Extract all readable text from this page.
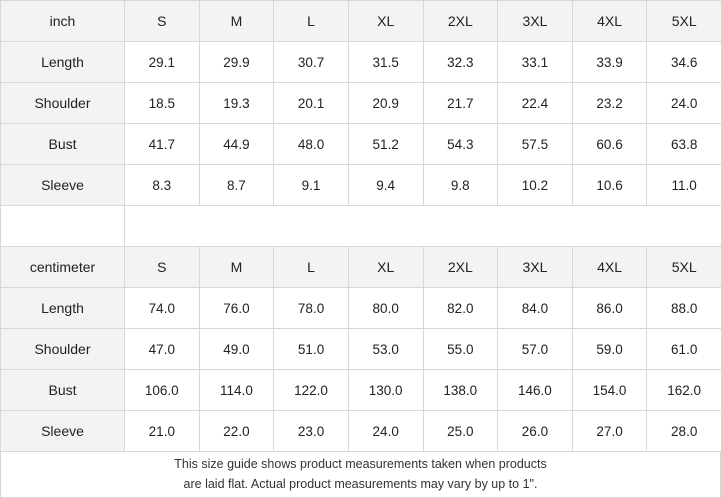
inch	S	M	L	XL	2XL	3XL	4XL	5XL
Length	29.1	29.9	30.7	31.5	32.3	33.1	33.9	34.6
Shoulder	18.5	19.3	20.1	20.9	21.7	22.4	23.2	24.0
Bust	41.7	44.9	48.0	51.2	54.3	57.5	60.6	63.8
Sleeve	8.3	8.7	9.1	9.4	9.8	10.2	10.6	11.0

centimeter	S	M	L	XL	2XL	3XL	4XL	5XL
Length	74.0	76.0	78.0	80.0	82.0	84.0	86.0	88.0
Shoulder	47.0	49.0	51.0	53.0	55.0	57.0	59.0	61.0
Bust	106.0	114.0	122.0	130.0	138.0	146.0	154.0	162.0
Sleeve	21.0	22.0	23.0	24.0	25.0	26.0	27.0	28.0
This size guide shows product measurements taken when products
are laid flat. Actual product measurements may vary by up to 1".
